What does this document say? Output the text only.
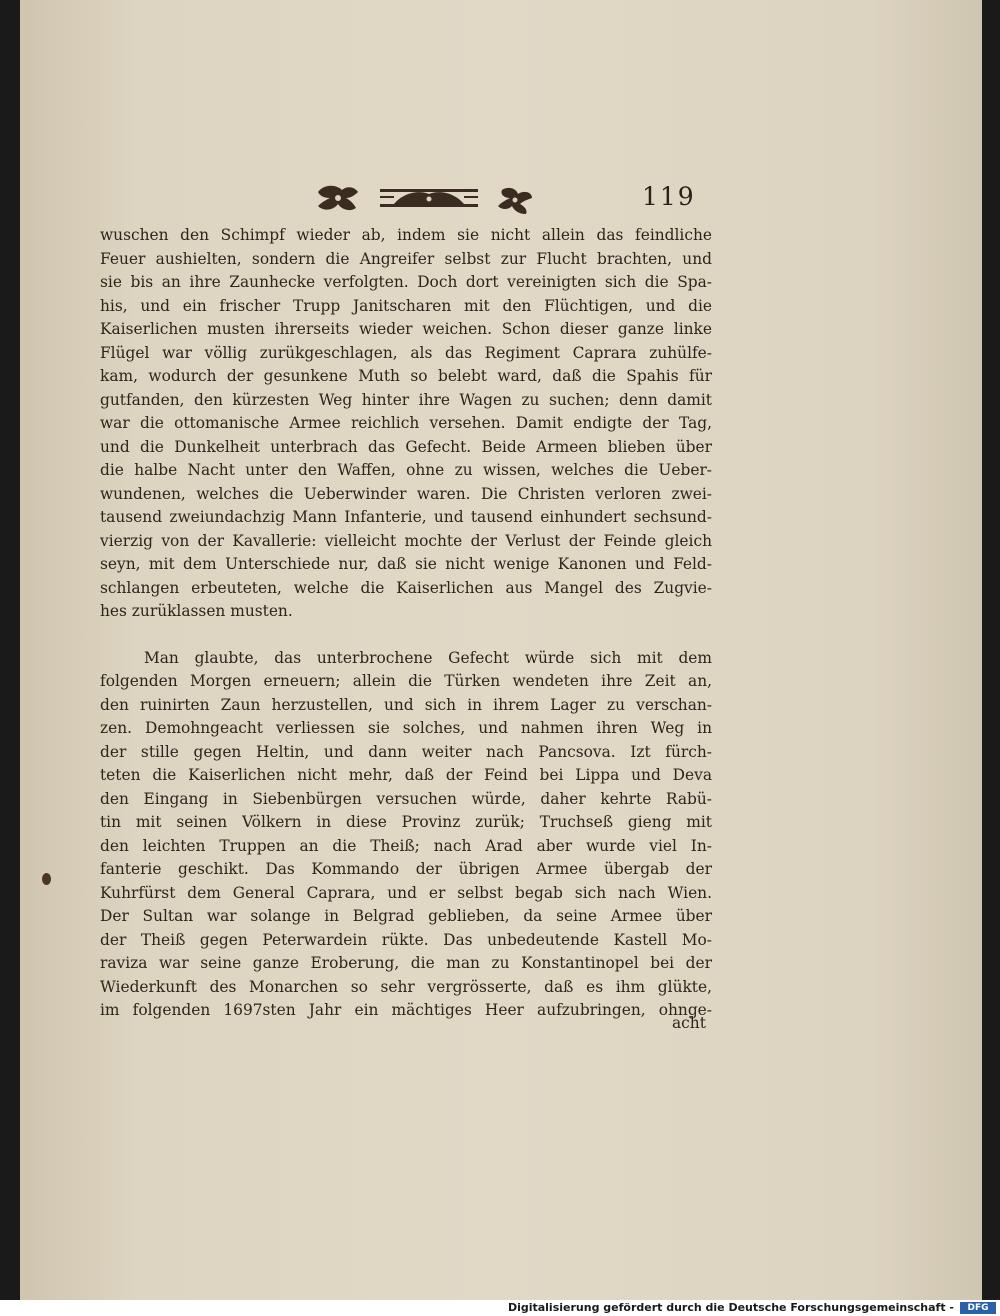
119
wuschen den Schimpf wieder ab, indem sie nicht allein das feindliche
Feuer aushielten, sondern die Angreifer selbst zur Flucht brachten, und
sie bis an ihre Zaunhecke verfolgten. Doch dort vereinigten sich die Spa-
his, und ein frischer Trupp Janitscharen mit den Flüchtigen, und die
Kaiserlichen musten ihrerseits wieder weichen. Schon dieser ganze linke
Flügel war völlig zurükgeschlagen, als das Regiment Caprara zuhülfe-
kam, wodurch der gesunkene Muth so belebt ward, daß die Spahis für
gutfanden, den kürzesten Weg hinter ihre Wagen zu suchen; denn damit
war die ottomanische Armee reichlich versehen. Damit endigte der Tag,
und die Dunkelheit unterbrach das Gefecht. Beide Armeen blieben über
die halbe Nacht unter den Waffen, ohne zu wissen, welches die Ueber-
wundenen, welches die Ueberwinder waren. Die Christen verloren zwei-
tausend zweiundachzig Mann Infanterie, und tausend einhundert sechsund-
vierzig von der Kavallerie: vielleicht mochte der Verlust der Feinde gleich
seyn, mit dem Unterschiede nur, daß sie nicht wenige Kanonen und Feld-
schlangen erbeuteten, welche die Kaiserlichen aus Mangel des Zugvie-
hes zurüklassen musten.
Man glaubte, das unterbrochene Gefecht würde sich mit dem
folgenden Morgen erneuern; allein die Türken wendeten ihre Zeit an,
den ruinirten Zaun herzustellen, und sich in ihrem Lager zu verschan-
zen. Demohngeacht verliessen sie solches, und nahmen ihren Weg in
der stille gegen Heltin, und dann weiter nach Pancsova. Izt fürch-
teten die Kaiserlichen nicht mehr, daß der Feind bei Lippa und Deva
den Eingang in Siebenbürgen versuchen würde, daher kehrte Rabü-
tin mit seinen Völkern in diese Provinz zurük; Truchseß gieng mit
den leichten Truppen an die Theiß; nach Arad aber wurde viel In-
fanterie geschikt. Das Kommando der übrigen Armee übergab der
Kuhrfürst dem General Caprara, und er selbst begab sich nach Wien.
Der Sultan war solange in Belgrad geblieben, da seine Armee über
der Theiß gegen Peterwardein rükte. Das unbedeutende Kastell Mo-
raviza war seine ganze Eroberung, die man zu Konstantinopel bei der
Wiederkunft des Monarchen so sehr vergrösserte, daß es ihm glükte,
im folgenden 1697sten Jahr ein mächtiges Heer aufzubringen, ohnge-
acht
Digitalisierung gefördert durch die Deutsche Forschungsgemeinschaft -	DFG
